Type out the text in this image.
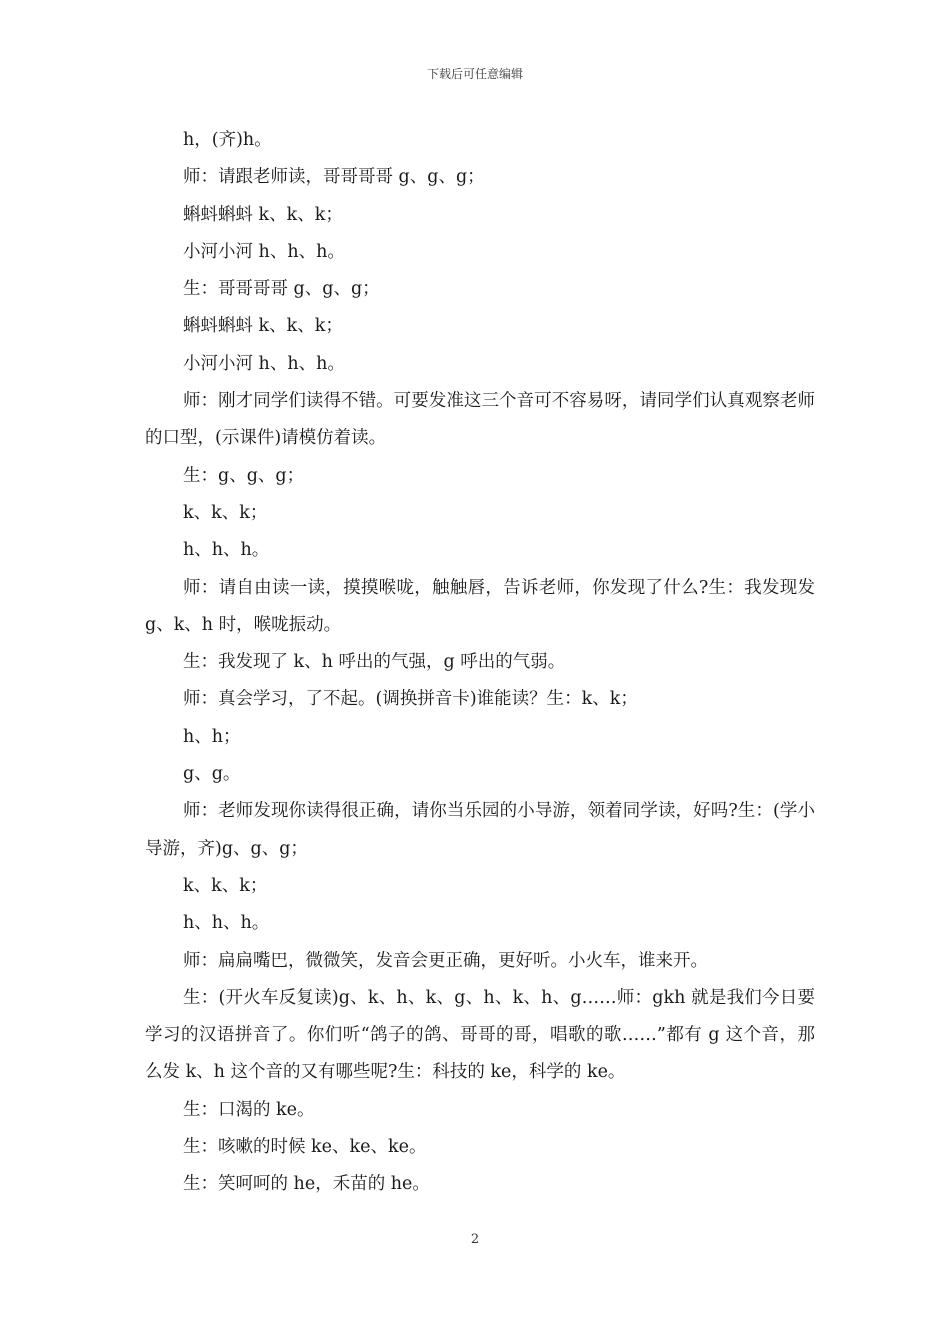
下载后可任意编辑

h，(齐)h。

师：请跟老师读，哥哥哥哥 g、g、g；

蝌蚪蝌蚪 k、k、k；

小河小河 h、h、h。

生：哥哥哥哥 g、g、g；

蝌蚪蝌蚪 k、k、k；

小河小河 h、h、h。

师：刚才同学们读得不错。可要发准这三个音可不容易呀，请同学们认真观察老师的口型，(示课件)请模仿着读。

生：g、g、g；

k、k、k；

h、h、h。

师：请自由读一读，摸摸喉咙，触触唇，告诉老师，你发现了什么?生：我发现发 g、k、h 时，喉咙振动。

生：我发现了 k、h 呼出的气强，g 呼出的气弱。

师：真会学习，了不起。(调换拼音卡)谁能读？生：k、k；

h、h；

g、g。

师：老师发现你读得很正确，请你当乐园的小导游，领着同学读，好吗?生：(学小导游，齐)g、g、g；

k、k、k；

h、h、h。

师：扁扁嘴巴，微微笑，发音会更正确，更好听。小火车，谁来开。

生：(开火车反复读)g、k、h、k、g、h、k、h、g……师：gkh 就是我们今日要学习的汉语拼音了。你们听“鸽子的鸽、哥哥的哥，唱歌的歌……”都有 g 这个音，那么发 k、h 这个音的又有哪些呢?生：科技的 ke，科学的 ke。

生：口渴的 ke。

生：咳嗽的时候 ke、ke、ke。

生：笑呵呵的 he，禾苗的 he。

2
